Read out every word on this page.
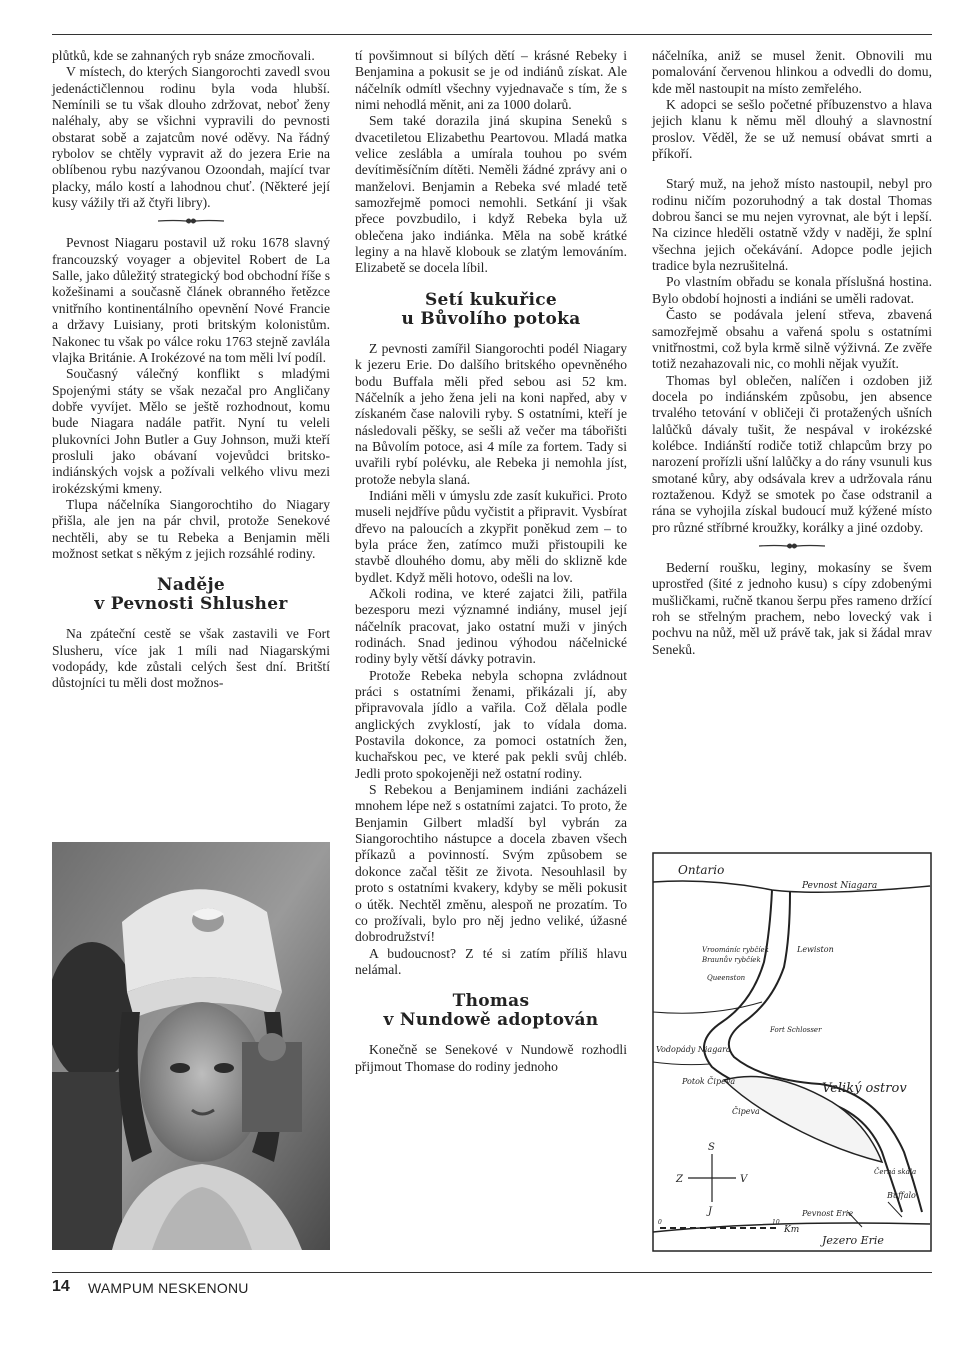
plůtků, kde se zahnaných ryb snáze zmocňovali.

V místech, do kterých Siangorochti zavedl svou jedenáctičlennou rodinu byla voda hlubší. Nemínili se tu však dlouho zdržovat, neboť ženy naléhaly, aby se všichni vypravili do pevnosti obstarat sobě a zajatcům nové oděvy. Na řádný rybolov se chtěly vypravit až do jezera Erie na oblíbenou rybu nazývanou Ozoondah, mající tvar placky, málo kostí a lahodnou chuť. (Některé její kusy vážily tři až čtyři libry).

Pevnost Niagaru postavil už roku 1678 slavný francouzský voyager a objevitel Robert de La Salle, jako důležitý strategický bod obchodní říše s kožešinami a současně článek obranného řetězce vnitřního kontinentálního opevnění Nové Francie a državy Luisiany, proti britským kolonistům. Nakonec tu však po válce roku 1763 stejně zavlála vlajka Británie. A Irokézové na tom měli lví podíl.

Současný válečný konflikt s mladými Spojenými státy se však nezačal pro Angličany dobře vyvíjet. Mělo se ještě rozhodnout, komu bude Niagara nadále patřit. Nyní tu veleli plukovníci John Butler a Guy Johnson, muži kteří prosluli jako obávaní vojevůdci britsko-indiánských vojsk a požívali velkého vlivu mezi irokézskými kmeny.

Tlupa náčelníka Siangorochtiho do Niagary přišla, ale jen na pár chvil, protože Senekové nechtěli, aby se tu Rebeka a Benjamin měli možnost setkat s někým z jejich rozsáhlé rodiny.

Naděje
v Pevnosti Shlusher

Na zpáteční cestě se však zastavili ve Fort Slusheru, více jak 1 míli nad Niagarskými vodopády, kde zůstali celých šest dní. Britští důstojníci tu měli dost možnos-

tí povšimnout si bílých dětí – krásné Rebeky i Benjamina a pokusit se je od indiánů získat. Ale náčelník odmítl všechny vyjednavače s tím, že s nimi nehodlá měnit, ani za 1000 dolarů.

Sem také dorazila jiná skupina Seneků s dvacetiletou Elizabethu Peartovou. Mladá matka velice zeslábla a umírala touhou po svém devítiměsíčním dítěti. Neměli žádné zprávy ani o manželovi. Benjamin a Rebeka své mladé tetě samozřejmě pomoci nemohli. Setkání ji však přece povzbudilo, i když Rebeka byla už oblečena jako indiánka. Měla na sobě krátké leginy a na hlavě klobouk se zlatým lemováním. Elizabetě se docela líbil.

Setí kukuřice
u Bůvolího potoka

Z pevnosti zamířil Siangorochti podél Niagary k jezeru Erie. Do dalšího britského opevněného bodu Buffala měli před sebou asi 52 km. Náčelník a jeho žena jeli na koni napřed, aby v získaném čase nalovili ryby. S ostatními, kteří je následovali pěšky, se sešli až večer ma tábořišti na Bůvolím potoce, asi 4 míle za fortem. Tady si uvařili rybí polévku, ale Rebeka ji nemohla jíst, protože nebyla slaná.

Indiáni měli v úmyslu zde zasít kukuřici. Proto museli nejdříve půdu vyčistit a připravit. Vysbírat dřevo na paloucích a zkypřit poněkud zem – to byla práce žen, zatímco muži přistoupili ke stavbě dlouhého domu, aby měli do sklizně kde bydlet. Když měli hotovo, odešli na lov.

Ačkoli rodina, ve které zajatci žili, patřila bezesporu mezi významné indiány, musel její náčelník pracovat, jako ostatní muži v jiných rodinách. Snad jedinou výhodou náčelnické rodiny byly větší dávky potravin.

Protože Rebeka nebyla schopna zvládnout práci s ostatními ženami, přikázali jí, aby připravovala jídlo a vařila. Což dělala podle anglických zvyklostí, jak to vídala doma. Postavila dokonce, za pomoci ostatních žen, kuchařskou pec, ve které pak pekli svůj chléb. Jedli proto spokojeněji než ostatní rodiny.

S Rebekou a Benjaminem indiáni zacházeli mnohem lépe než s ostatními zajatci. To proto, že Benjamin Gilbert mladší byl vybrán za Siangorochtiho nástupce a docela zbaven všech příkazů a povinností. Svým způsobem se dokonce začal těšit ze života. Nesouhlasil by proto s ostatními kvakery, kdyby se měli pokusit o útěk. Nechtěl změnu, alespoň ne prozatím. To co prožívali, bylo pro něj jedno veliké, úžasné dobrodružství!

A budoucnost? Z té si zatím příliš hlavu nelámal.

Thomas
v Nundowě adoptován

Konečně se Senekové v Nundowě rozhodli přijmout Thomase do rodiny jednoho

náčelníka, aniž se musel ženit. Obnovili mu pomalování červenou hlinkou a odvedli do domu, kde měl nastoupit na místo zemřelého.

K adopci se sešlo početné příbuzenstvo a hlava jejich klanu k němu měl dlouhý a slavnostní proslov. Věděl, že se už nemusí obávat smrti a příkoří.

Starý muž, na jehož místo nastoupil, nebyl pro rodinu ničím pozoruhodný a tak dostal Thomas dobrou šanci se mu nejen vyrovnat, ale být i lepší. Na cizince hleděli ostatně vždy v naději, že splní všechna jejich očekávání. Adopce podle jejich tradice byla nezrušitelná.

Po vlastním obřadu se konala příslušná hostina. Bylo období hojnosti a indiáni se uměli radovat.

Často se podávala jelení střeva, zbavená samozřejmě obsahu a vařená spolu s ostatními vnitřnostmi, což byla krmě silně výživná. Ze zvěře totiž nezahazovali nic, co mohli nějak využít.

Thomas byl oblečen, nalíčen i ozdoben již docela po indiánském způsobu, jen absence trvalého tetování v obličeji či protažených ušních lalůčků dávaly tušit, že nespával v irokézské kolébce. Indiánští rodiče totiž chlapcům brzy po narození prořízli ušní lalůčky a do rány vsunuli kus smotané kůry, aby odsávala krev a udržovala ránu roztaženou. Když se smotek po čase odstranil a rána se vyhojila získal budoucí muž kýžené místo pro různé stříbrné kroužky, korálky a jiné ozdoby.

Bederní roušku, leginy, mokasíny se švem uprostřed (šité z jednoho kusu) s cípy zdobenými mušličkami, ručně tkanou šerpu přes rameno držící roh se střelným prachem, nebo lovecký vak i pochvu na nůž, měl už právě tak, jak si žádal mrav Seneků.

Ontario
Pevnost Niagara
Vroománíc rybčíek
Braunův rybčíek
Queenston
Lewiston
Fort Schlosser
Vodopády Niagara
Potok Čipeva
Čipeva
Veliký ostrov
Černá skála
Buffalo
Pevnost Erie
Jezero Erie
S
Z	V
J
0	10
Km
14 WAMPUM NESKENONU
